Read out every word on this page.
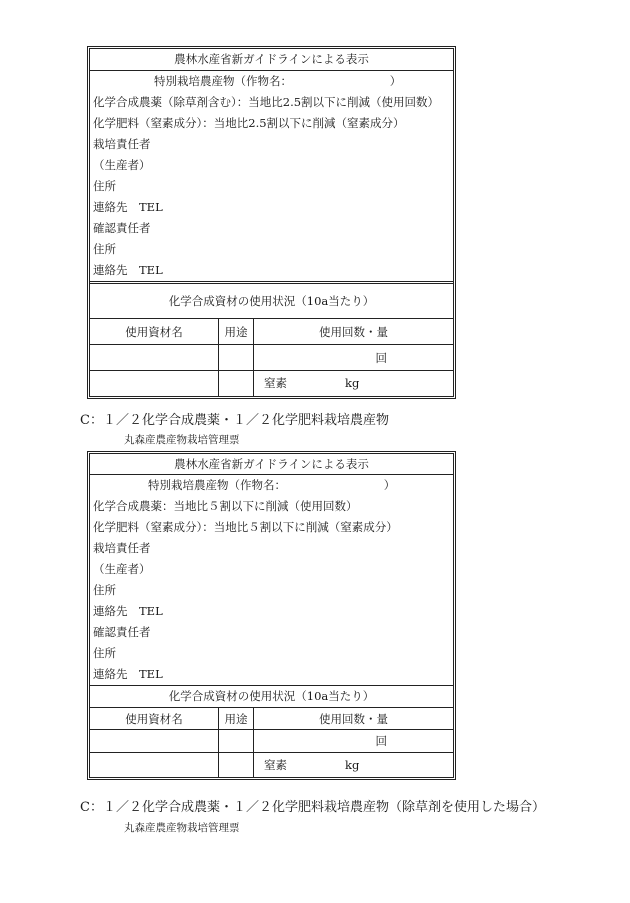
農林水産省新ガイドラインによる表示
特別栽培農産物（作物名：　　　　　　　　　）
化学合成農薬（除草剤含む）：当地比2.5割以下に削減（使用回数）
化学肥料（窒素成分）：当地比2.5割以下に削減（窒素成分）
栽培責任者
（生産者）
住所
連絡先　TEL
確認責任者
住所
連絡先　TEL
化学合成資材の使用状況（10a当たり）
使用資材名	用途	使用回数・量
		回
		窒素 kg
C：１／２化学合成農薬・１／２化学肥料栽培農産物
丸森産農産物栽培管理票
農林水産省新ガイドラインによる表示
特別栽培農産物（作物名：　　　　　　　　　）
化学合成農薬：当地比５割以下に削減（使用回数）
化学肥料（窒素成分）：当地比５割以下に削減（窒素成分）
栽培責任者
（生産者）
住所
連絡先　TEL
確認責任者
住所
連絡先　TEL
化学合成資材の使用状況（10a当たり）
使用資材名	用途	使用回数・量
		回
		窒素 kg
C：１／２化学合成農薬・１／２化学肥料栽培農産物（除草剤を使用した場合）
丸森産農産物栽培管理票
